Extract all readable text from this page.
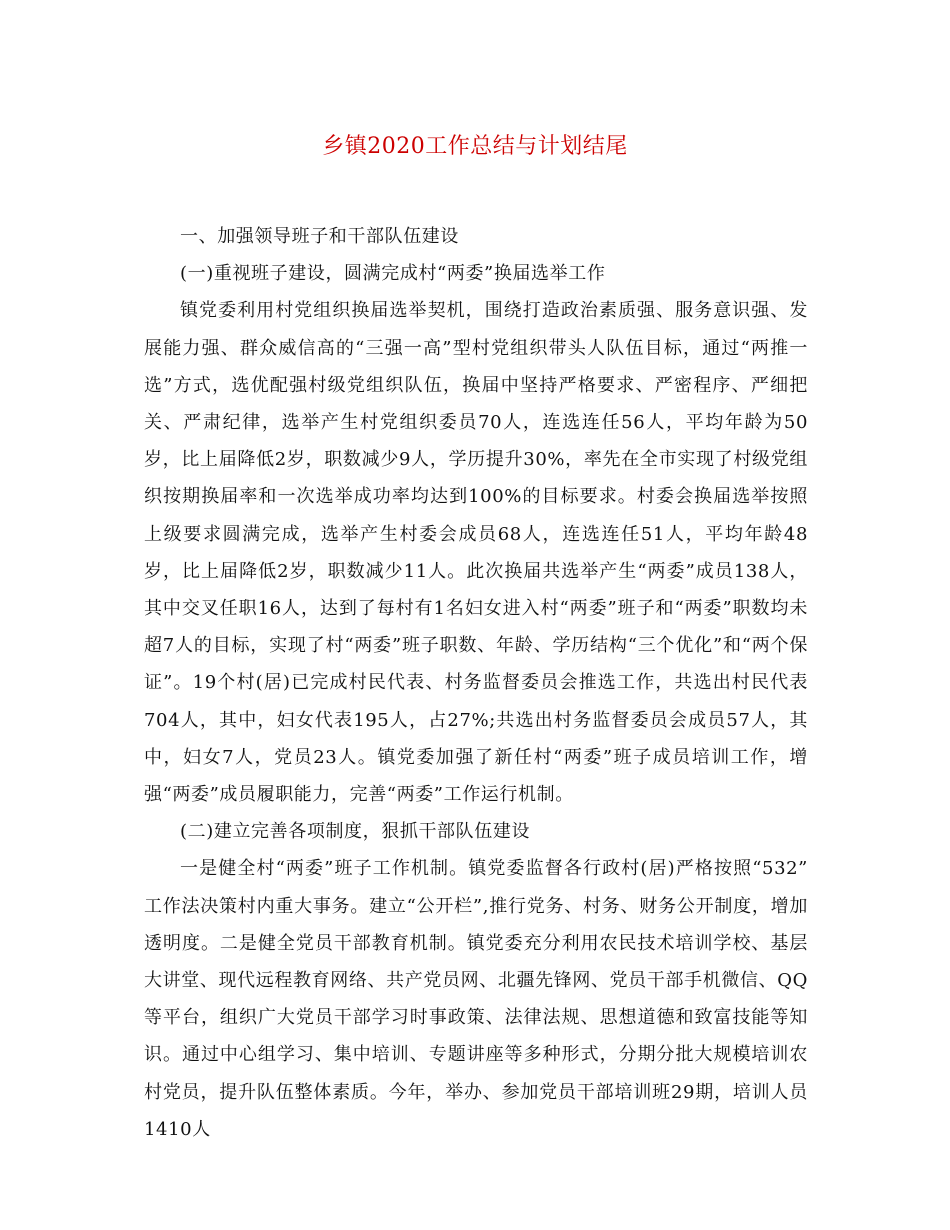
乡镇2020工作总结与计划结尾

一、加强领导班子和干部队伍建设

(一)重视班子建设，圆满完成村“两委”换届选举工作

镇党委利用村党组织换届选举契机，围绕打造政治素质强、服务意识强、发展能力强、群众威信高的“三强一高”型村党组织带头人队伍目标，通过“两推一选”方式，选优配强村级党组织队伍，换届中坚持严格要求、严密程序、严细把关、严肃纪律，选举产生村党组织委员70人，连选连任56人，平均年龄为50岁，比上届降低2岁，职数减少9人，学历提升30%，率先在全市实现了村级党组织按期换届率和一次选举成功率均达到100%的目标要求。村委会换届选举按照上级要求圆满完成，选举产生村委会成员68人，连选连任51人，平均年龄48岁，比上届降低2岁，职数减少11人。此次换届共选举产生“两委”成员138人，其中交叉任职16人，达到了每村有1名妇女进入村“两委”班子和“两委”职数均未超7人的目标，实现了村“两委”班子职数、年龄、学历结构“三个优化”和“两个保证”。19个村(居)已完成村民代表、村务监督委员会推选工作，共选出村民代表704人，其中，妇女代表195人，占27%;共选出村务监督委员会成员57人，其中，妇女7人，党员23人。镇党委加强了新任村“两委”班子成员培训工作，增强“两委”成员履职能力，完善“两委”工作运行机制。

(二)建立完善各项制度，狠抓干部队伍建设

一是健全村“两委”班子工作机制。镇党委监督各行政村(居)严格按照“532” 工作法决策村内重大事务。建立“公开栏”,推行党务、村务、财务公开制度，增加透明度。二是健全党员干部教育机制。镇党委充分利用农民技术培训学校、基层大讲堂、现代远程教育网络、共产党员网、北疆先锋网、党员干部手机微信、QQ等平台，组织广大党员干部学习时事政策、法律法规、思想道德和致富技能等知识。通过中心组学习、集中培训、专题讲座等多种形式，分期分批大规模培训农村党员，提升队伍整体素质。今年，举办、参加党员干部培训班29期，培训人员1410人
